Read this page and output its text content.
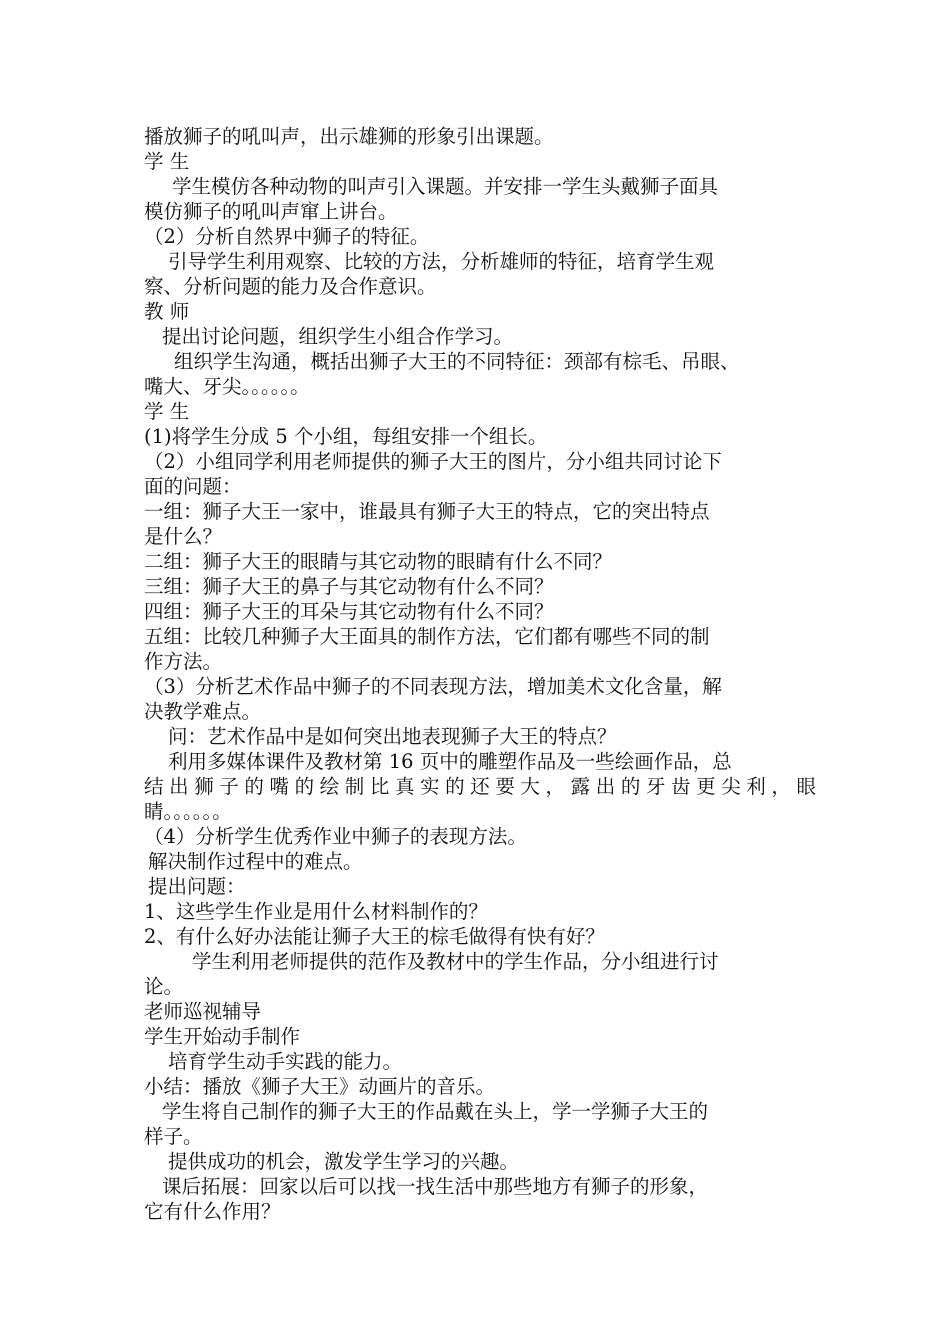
播放狮子的吼叫声，出示雄狮的形象引出课题。
学 生
学生模仿各种动物的叫声引入课题。并安排一学生头戴狮子面具
模仿狮子的吼叫声窜上讲台。
（2）分析自然界中狮子的特征。
引导学生利用观察、比较的方法，分析雄师的特征，培育学生观
察、分析问题的能力及合作意识。
教 师
提出讨论问题，组织学生小组合作学习。
组织学生沟通，概括出狮子大王的不同特征：颈部有棕毛、吊眼、
嘴大、牙尖。。。。。。
学 生
(1)将学生分成 5 个小组，每组安排一个组长。
（2）小组同学利用老师提供的狮子大王的图片，分小组共同讨论下
面的问题：
一组：狮子大王一家中，谁最具有狮子大王的特点，它的突出特点
是什么？
二组：狮子大王的眼睛与其它动物的眼睛有什么不同？
三组：狮子大王的鼻子与其它动物有什么不同？
四组：狮子大王的耳朵与其它动物有什么不同？
五组：比较几种狮子大王面具的制作方法，它们都有哪些不同的制
作方法。
（3）分析艺术作品中狮子的不同表现方法，增加美术文化含量，解
决教学难点。
问：艺术作品中是如何突出地表现狮子大王的特点？
利用多媒体课件及教材第 16 页中的雕塑作品及一些绘画作品，总
结出狮子的嘴的绘制比真实的还要大，露出的牙齿更尖利，眼
睛。。。。。。
（4）分析学生优秀作业中狮子的表现方法。
解决制作过程中的难点。
提出问题：
1、这些学生作业是用什么材料制作的？
2、有什么好办法能让狮子大王的棕毛做得有快有好？
学生利用老师提供的范作及教材中的学生作品，分小组进行讨
论。
老师巡视辅导
学生开始动手制作
培育学生动手实践的能力。
小结：播放《狮子大王》动画片的音乐。
学生将自己制作的狮子大王的作品戴在头上，学一学狮子大王的
样子。
提供成功的机会，激发学生学习的兴趣。
课后拓展：回家以后可以找一找生活中那些地方有狮子的形象，
它有什么作用？
